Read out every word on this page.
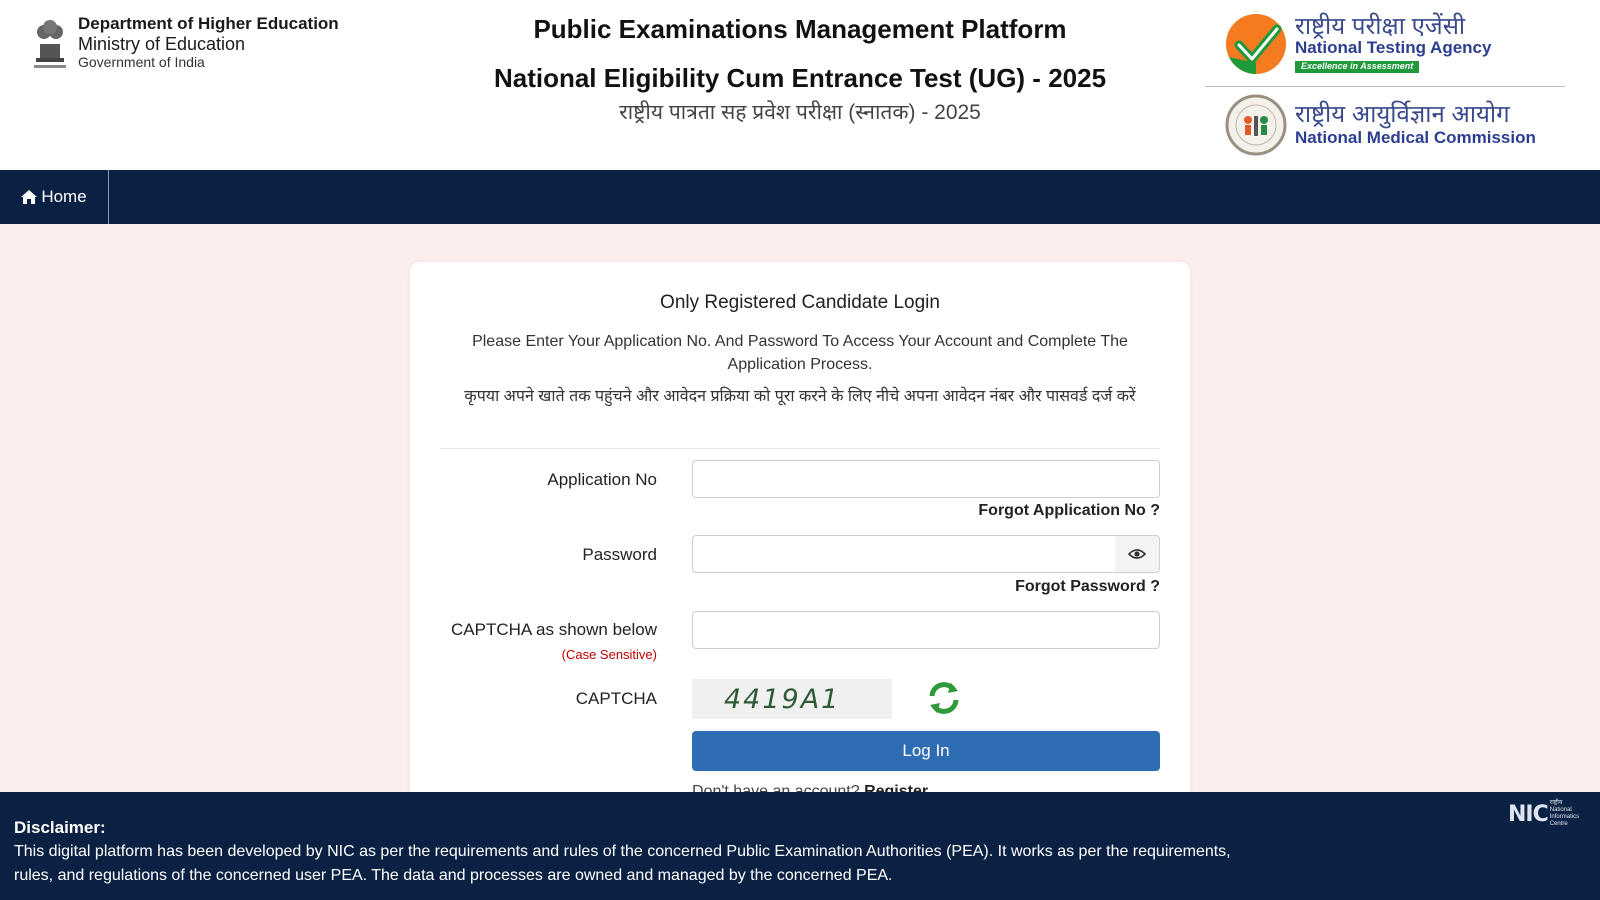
Department of Higher Education
Ministry of Education
Government of India
Public Examinations Management Platform
National Eligibility Cum Entrance Test (UG) - 2025
राष्ट्रीय पात्रता सह प्रवेश परीक्षा (स्नातक) - 2025
राष्ट्रीय परीक्षा एजेंसी
National Testing Agency
Excellence in Assessment
राष्ट्रीय आयुर्विज्ञान आयोग
National Medical Commission
Home
Only Registered Candidate Login
Please Enter Your Application No. And Password To Access Your Account and Complete The Application Process.
कृपया अपने खाते तक पहुंचने और आवेदन प्रक्रिया को पूरा करने के लिए नीचे अपना आवेदन नंबर और पासवर्ड दर्ज करें
Application No
Forgot Application No ?
Password
Forgot Password ?
CAPTCHA as shown below
(Case Sensitive)
CAPTCHA	4419A1
Log In
Disclaimer:
This digital platform has been developed by NIC as per the requirements and rules of the concerned Public Examination Authorities (PEA). It works as per the requirements, rules, and regulations of the concerned user PEA. The data and processes are owned and managed by the concerned PEA.
NIC राष्ट्रीय
National
Informatics
Centre
